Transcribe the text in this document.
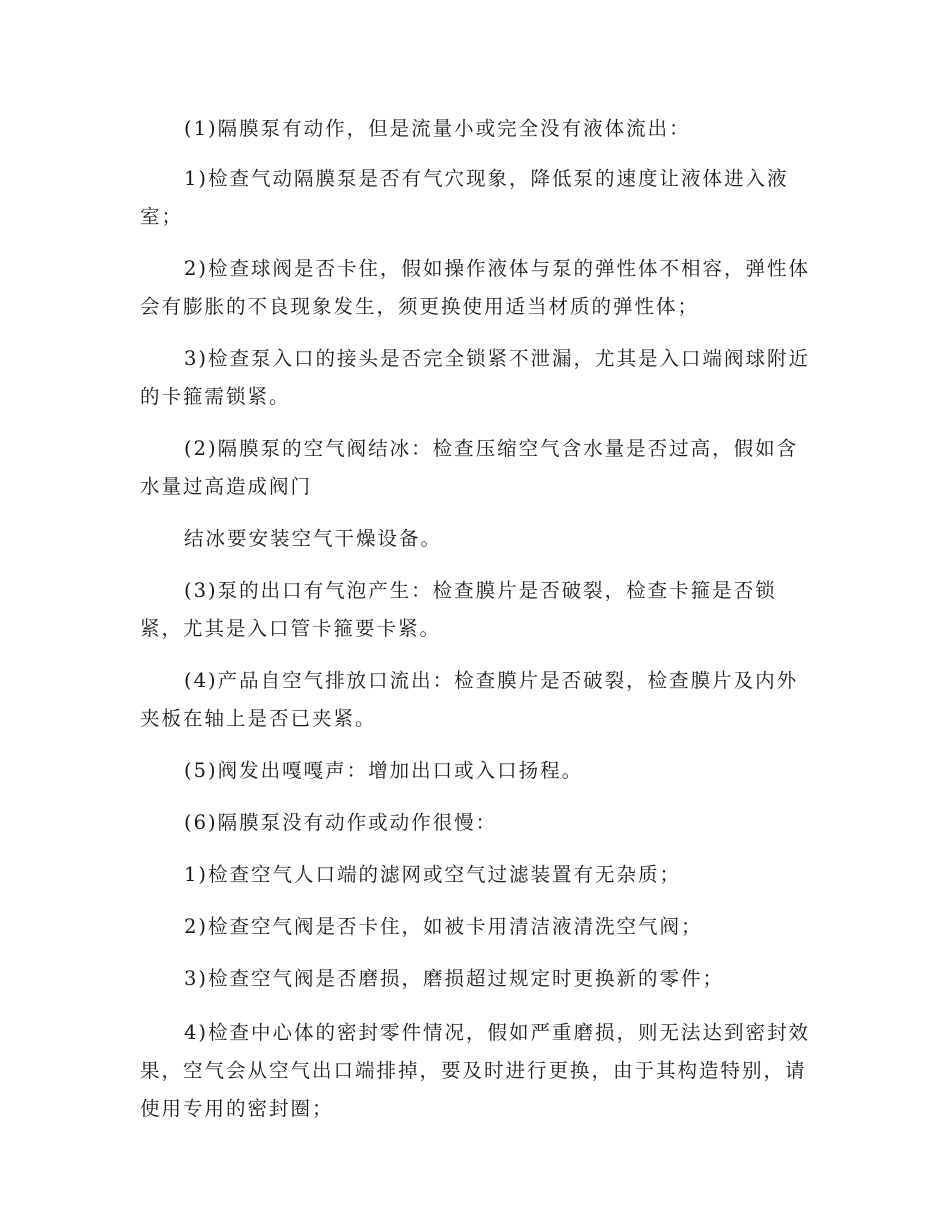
(1)隔膜泵有动作，但是流量小或完全没有液体流出：

1)检查气动隔膜泵是否有气穴现象，降低泵的速度让液体进入液室；

2)检查球阀是否卡住，假如操作液体与泵的弹性体不相容，弹性体会有膨胀的不良现象发生，须更换使用适当材质的弹性体；

3)检查泵入口的接头是否完全锁紧不泄漏，尤其是入口端阀球附近的卡箍需锁紧。

(2)隔膜泵的空气阀结冰：检查压缩空气含水量是否过高，假如含水量过高造成阀门

结冰要安装空气干燥设备。

(3)泵的出口有气泡产生：检查膜片是否破裂，检查卡箍是否锁紧，尤其是入口管卡箍要卡紧。

(4)产品自空气排放口流出：检查膜片是否破裂，检查膜片及内外夹板在轴上是否已夹紧。

(5)阀发出嘎嘎声：增加出口或入口扬程。

(6)隔膜泵没有动作或动作很慢：

1)检查空气人口端的滤网或空气过滤装置有无杂质；

2)检查空气阀是否卡住，如被卡用清洁液清洗空气阀；

3)检查空气阀是否磨损，磨损超过规定时更换新的零件；

4)检查中心体的密封零件情况，假如严重磨损，则无法达到密封效果，空气会从空气出口端排掉，要及时进行更换，由于其构造特别，请使用专用的密封圈；
